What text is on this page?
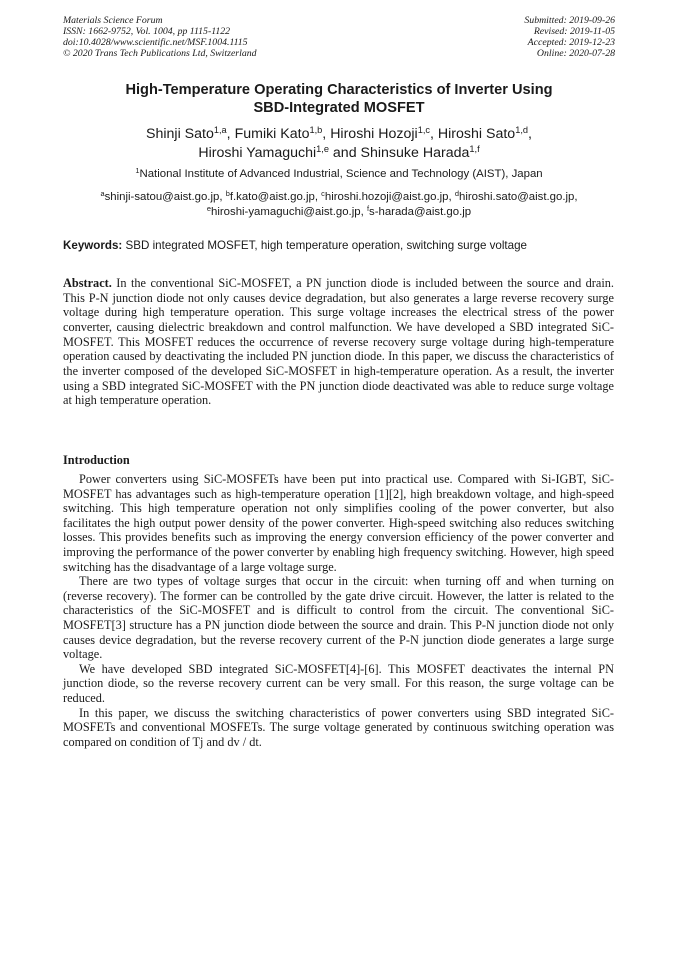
Materials Science Forum
ISSN: 1662-9752, Vol. 1004, pp 1115-1122
doi:10.4028/www.scientific.net/MSF.1004.1115
© 2020 Trans Tech Publications Ltd, Switzerland
Submitted: 2019-09-26
Revised: 2019-11-05
Accepted: 2019-12-23
Online: 2020-07-28
High-Temperature Operating Characteristics of Inverter Using
SBD-Integrated MOSFET
Shinji Sato$^{1,a}$, Fumiki Kato$^{1,b}$, Hiroshi Hozoji$^{1,c}$, Hiroshi Sato$^{1,d}$,
Hiroshi Yamaguchi$^{1,e}$ and Shinsuke Harada$^{1,f}$
$^1$National Institute of Advanced Industrial, Science and Technology (AIST), Japan
$^a$shinji-satou@aist.go.jp, $^b$f.kato@aist.go.jp, $^c$hiroshi.hozoji@aist.go.jp, $^d$hiroshi.sato@aist.go.jp,
$^e$hiroshi-yamaguchi@aist.go.jp, $^f$s-harada@aist.go.jp
Keywords: SBD integrated MOSFET, high temperature operation, switching surge voltage
Abstract. In the conventional SiC-MOSFET, a PN junction diode is included between the source and drain. This P-N junction diode not only causes device degradation, but also generates a large reverse recovery surge voltage during high temperature operation. This surge voltage increases the electrical stress of the power converter, causing dielectric breakdown and control malfunction. We have developed a SBD integrated SiC-MOSFET. This MOSFET reduces the occurrence of reverse recovery surge voltage during high-temperature operation caused by deactivating the included PN junction diode. In this paper, we discuss the characteristics of the inverter composed of the developed SiC-MOSFET in high-temperature operation. As a result, the inverter using a SBD integrated SiC-MOSFET with the PN junction diode deactivated was able to reduce surge voltage at high temperature operation.
Introduction

Power converters using SiC-MOSFETs have been put into practical use. Compared with Si-IGBT, SiC-MOSFET has advantages such as high-temperature operation [1][2], high breakdown voltage, and high-speed switching. This high temperature operation not only simplifies cooling of the power converter, but also facilitates the high output power density of the power converter. High-speed switching also reduces switching losses. This provides benefits such as improving the energy conversion efficiency of the power converter and improving the performance of the power converter by enabling high frequency switching. However, high speed switching has the disadvantage of a large voltage surge.

There are two types of voltage surges that occur in the circuit: when turning off and when turning on (reverse recovery). The former can be controlled by the gate drive circuit. However, the latter is related to the characteristics of the SiC-MOSFET and is difficult to control from the circuit. The conventional SiC-MOSFET[3] structure has a PN junction diode between the source and drain. This P-N junction diode not only causes device degradation, but the reverse recovery current of the P-N junction diode generates a large surge voltage.

We have developed SBD integrated SiC-MOSFET[4]-[6]. This MOSFET deactivates the internal PN junction diode, so the reverse recovery current can be very small. For this reason, the surge voltage can be reduced.

In this paper, we discuss the switching characteristics of power converters using SBD integrated SiC-MOSFETs and conventional MOSFETs. The surge voltage generated by continuous switching operation was compared on condition of Tj and dv / dt.
